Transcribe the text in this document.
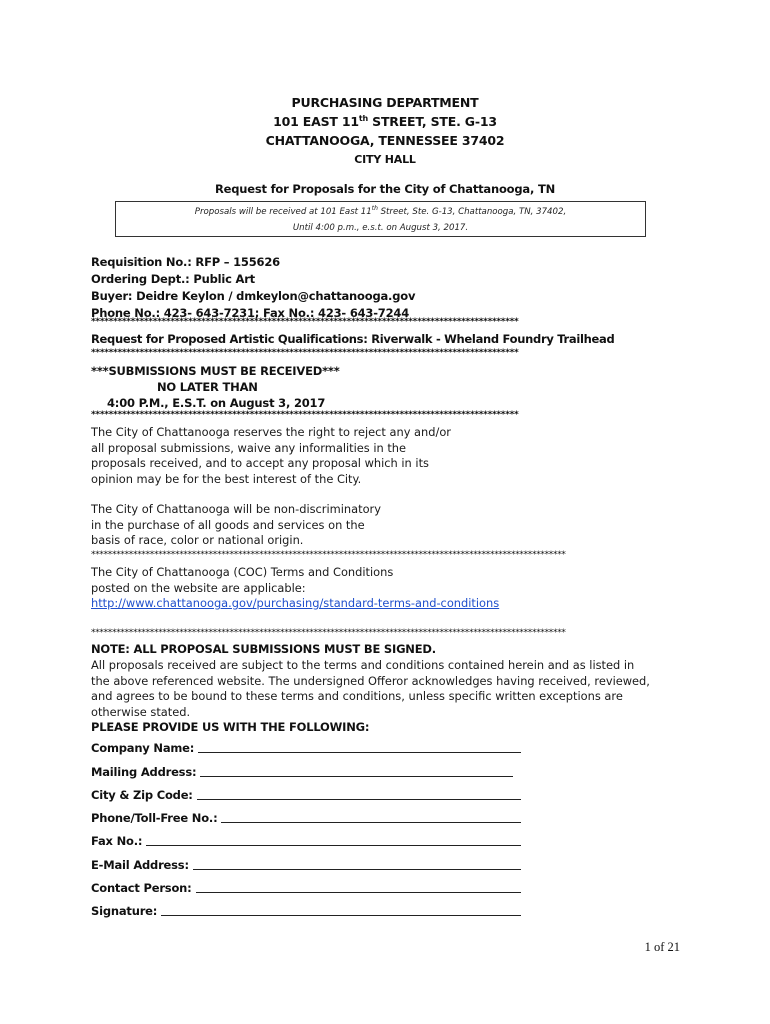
PURCHASING DEPARTMENT
101 EAST 11th STREET, STE. G-13
CHATTANOOGA, TENNESSEE 37402
CITY HALL
Request for Proposals for the City of Chattanooga, TN
Proposals will be received at 101 East 11th Street, Ste. G-13, Chattanooga, TN, 37402,
Until 4:00 p.m., e.s.t. on August 3, 2017.
Requisition No.: RFP – 155626
Ordering Dept.: Public Art
Buyer: Deidre Keylon / dmkeylon@chattanooga.gov
Phone No.: 423- 643-7231; Fax No.: 423- 643-7244
*************************************************************************************************
Request for Proposed Artistic Qualifications: Riverwalk - Wheland Foundry Trailhead
*************************************************************************************************
***SUBMISSIONS MUST BE RECEIVED***
NO LATER THAN
4:00 P.M., E.S.T. on August 3, 2017
*************************************************************************************************
The City of Chattanooga reserves the right to reject any and/or
all proposal submissions, waive any informalities in the
proposals received, and to accept any proposal which in its
opinion may be for the best interest of the City.
The City of Chattanooga will be non-discriminatory
in the purchase of all goods and services on the
basis of race, color or national origin.
*****************************************************************************************************************
The City of Chattanooga (COC) Terms and Conditions
posted on the website are applicable:
http://www.chattanooga.gov/purchasing/standard-terms-and-conditions
*****************************************************************************************************************
NOTE: ALL PROPOSAL SUBMISSIONS MUST BE SIGNED.
All proposals received are subject to the terms and conditions contained herein and as listed in
the above referenced website. The undersigned Offeror acknowledges having received, reviewed,
and agrees to be bound to these terms and conditions, unless specific written exceptions are
otherwise stated.
PLEASE PROVIDE US WITH THE FOLLOWING:
Company Name:
Mailing Address:
City & Zip Code:
Phone/Toll-Free No.:
Fax No.:
E-Mail Address:
Contact Person:
Signature:
1 of 21
